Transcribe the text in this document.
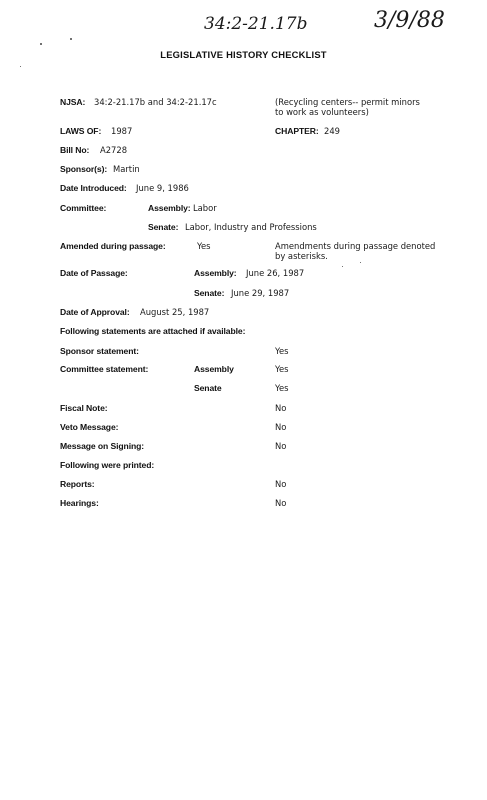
34:2-21.17b	3/9/88
LEGISLATIVE HISTORY CHECKLIST
NJSA: 34:2-21.17b and 34:2-21.17c	(Recycling centers-- permit minors
to work as volunteers)
LAWS OF: 1987	CHAPTER: 249
Bill No: A2728
Sponsor(s): Martin
Date Introduced: June 9, 1986
Committee:	Assembly: Labor
Senate: Labor, Industry and Professions
Amended during passage:	Yes	Amendments during passage denoted
by asterisks.
Date of Passage:	Assembly: June 26, 1987
Senate: June 29, 1987
Date of Approval: August 25, 1987
Following statements are attached if available:
Sponsor statement:	Yes
Committee statement:	Assembly	Yes
Senate	Yes
Fiscal Note:	No
Veto Message:	No
Message on Signing:	No
Following were printed:
Reports:	No
Hearings:	No
